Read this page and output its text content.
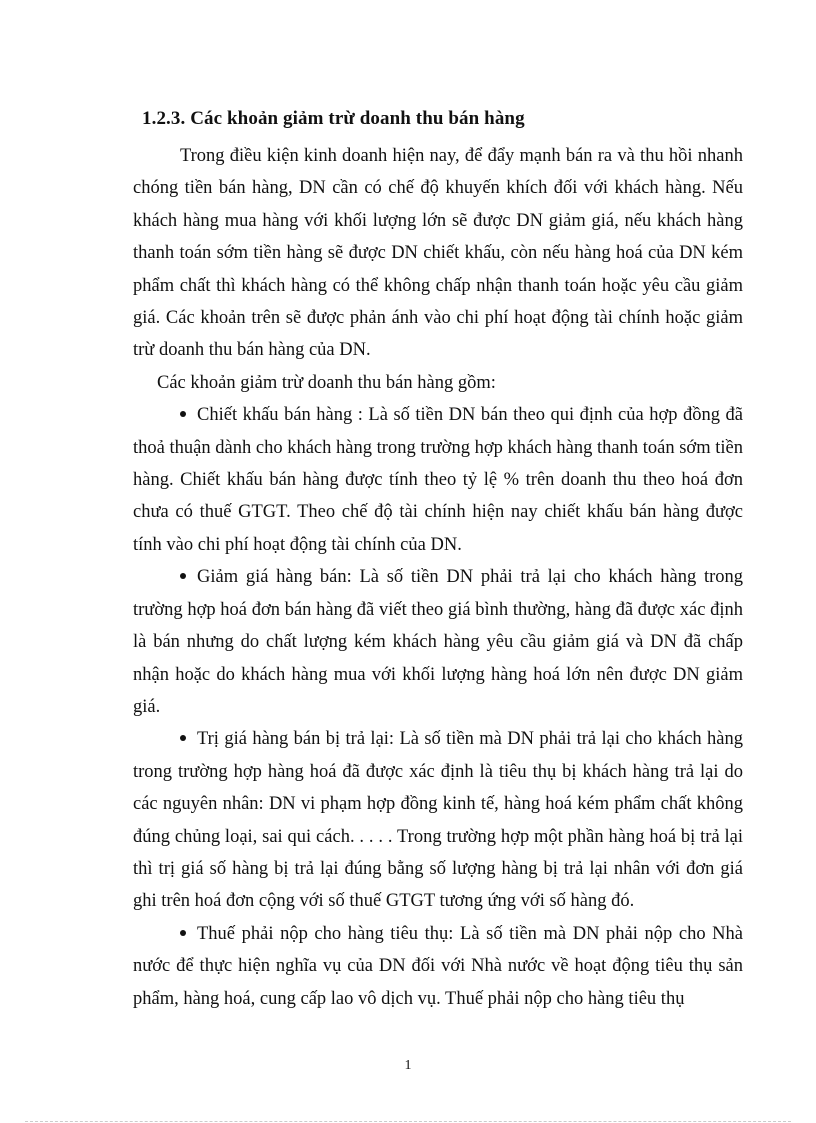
1.2.3. Các khoản giảm trừ doanh thu bán hàng

Trong điều kiện kinh doanh hiện nay, để đẩy mạnh bán ra và thu hồi nhanh chóng tiền bán hàng, DN cần có chế độ khuyến khích đối với khách hàng. Nếu khách hàng mua hàng với khối lượng lớn sẽ được DN giảm giá, nếu khách hàng thanh toán sớm tiền hàng sẽ được DN chiết khấu, còn nếu hàng hoá của DN kém phẩm chất thì khách hàng có thể không chấp nhận thanh toán hoặc yêu cầu giảm giá. Các khoản trên sẽ được phản ánh vào chi phí hoạt động tài chính hoặc giảm trừ doanh thu bán hàng của DN.

Các khoản giảm trừ doanh thu bán hàng gồm:

Chiết khấu bán hàng : Là số tiền DN bán theo qui định của hợp đồng đã thoả thuận dành cho khách hàng trong trường hợp khách hàng thanh toán sớm tiền hàng. Chiết khấu bán hàng được tính theo tỷ lệ % trên doanh thu theo hoá đơn chưa có thuế GTGT. Theo chế độ tài chính hiện nay chiết khấu bán hàng được tính vào chi phí hoạt động tài chính của DN.

Giảm giá hàng bán: Là số tiền DN phải trả lại cho khách hàng trong trường hợp hoá đơn bán hàng đã viết theo giá bình thường, hàng đã được xác định là bán nhưng do chất lượng kém khách hàng yêu cầu giảm giá và DN đã chấp nhận hoặc do khách hàng mua với khối lượng hàng hoá lớn nên được DN giảm giá.

Trị giá hàng bán bị trả lại: Là số tiền mà DN phải trả lại cho khách hàng trong trường hợp hàng hoá đã được xác định là tiêu thụ bị khách hàng trả lại do các nguyên nhân: DN vi phạm hợp đồng kinh tế, hàng hoá kém phẩm chất không đúng chủng loại, sai qui cách. . . . . Trong trường hợp một phần hàng hoá bị trả lại thì trị giá số hàng bị trả lại đúng bằng số lượng hàng bị trả lại nhân với đơn giá ghi trên hoá đơn cộng với số thuế GTGT tương ứng với số hàng đó.

Thuế phải nộp cho hàng tiêu thụ: Là số tiền mà DN phải nộp cho Nhà nước để thực hiện nghĩa vụ của DN đối với Nhà nước về hoạt động tiêu thụ sản phẩm, hàng hoá, cung cấp lao vô dịch vụ. Thuế phải nộp cho hàng tiêu thụ

1
